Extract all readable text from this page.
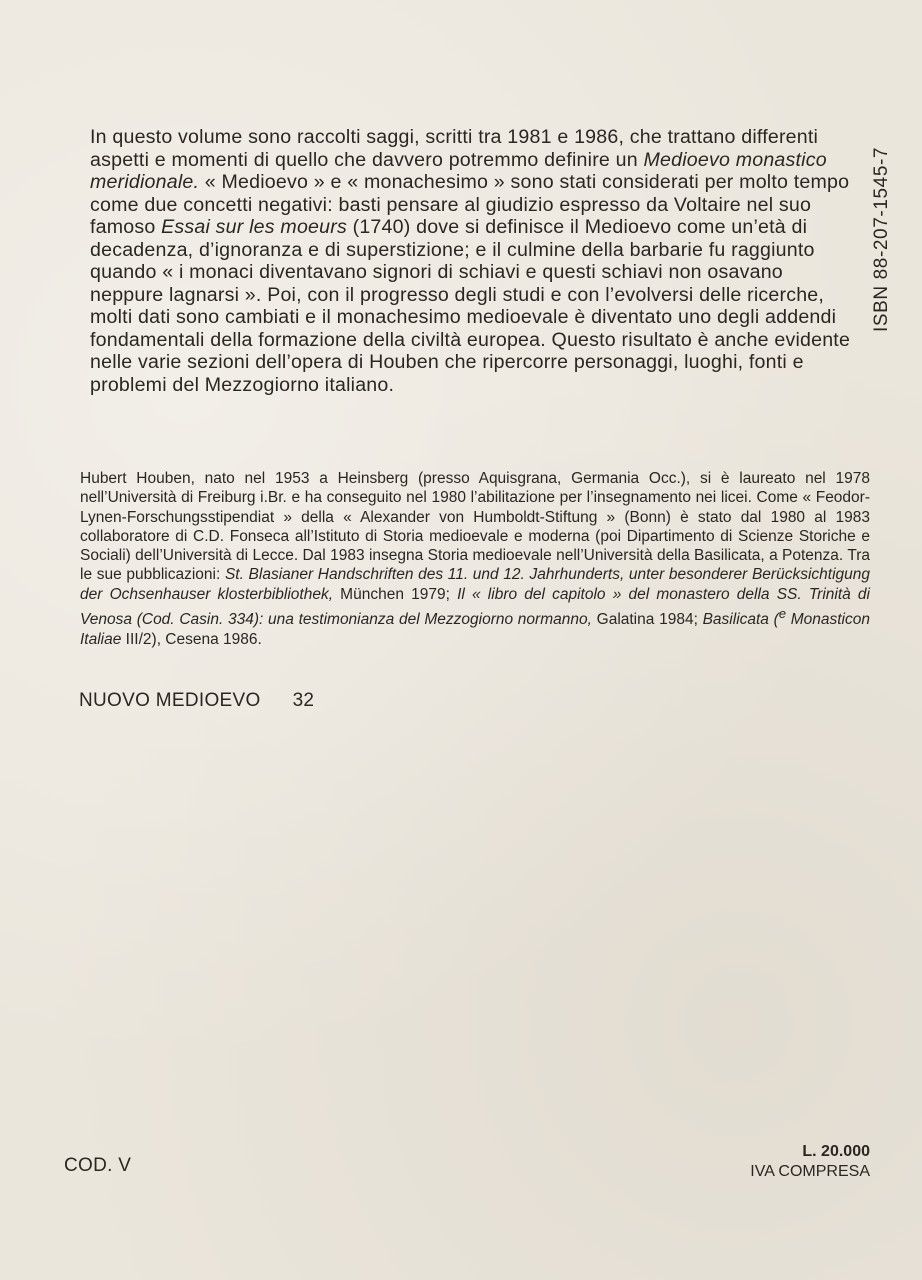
In questo volume sono raccolti saggi, scritti tra 1981 e 1986, che trattano differenti aspetti e momenti di quello che davvero potremmo definire un Medioevo monastico meridionale. « Medioevo » e « monachesimo » sono stati considerati per molto tempo come due concetti negativi: basti pensare al giudizio espresso da Voltaire nel suo famoso Essai sur les moeurs (1740) dove si definisce il Medioevo come un’età di decadenza, d’ignoranza e di superstizione; e il culmine della barbarie fu raggiunto quando « i monaci diventavano signori di schiavi e questi schiavi non osavano neppure lagnarsi ». Poi, con il progresso degli studi e con l’evolversi delle ricerche, molti dati sono cambiati e il monachesimo medioevale è diventato uno degli addendi fondamentali della formazione della civiltà europea. Questo risultato è anche evidente nelle varie sezioni dell’opera di Houben che ripercorre personaggi, luoghi, fonti e problemi del Mezzogiorno italiano.

ISBN 88-207-1545-7

Hubert Houben, nato nel 1953 a Heinsberg (presso Aquisgrana, Germania Occ.), si è laureato nel 1978 nell’Università di Freiburg i.Br. e ha conseguito nel 1980 l’abilitazione per l’insegnamento nei licei. Come « Feodor-Lynen-Forschungsstipendiat » della « Alexander von Humboldt-Stiftung » (Bonn) è stato dal 1980 al 1983 collaboratore di C.D. Fonseca all’Istituto di Storia medioevale e moderna (poi Dipartimento di Scienze Storiche e Sociali) dell’Università di Lecce. Dal 1983 insegna Storia medioevale nell’Università della Basilicata, a Potenza. Tra le sue pubblicazioni: St. Blasianer Handschriften des 11. und 12. Jahrhunderts, unter besonderer Berücksichtigung der Ochsenhauser klosterbibliothek, München 1979; Il « libro del capitolo » del monastero della SS. Trinità di Venosa (Cod. Casin. 334): una testimonianza del Mezzogiorno normanno, Galatina 1984; Basilicata ($^e$ Monasticon Italiae III/2), Cesena 1986.

NUOVO MEDIOEVO 32
COD. V
L. 20.000
IVA COMPRESA
